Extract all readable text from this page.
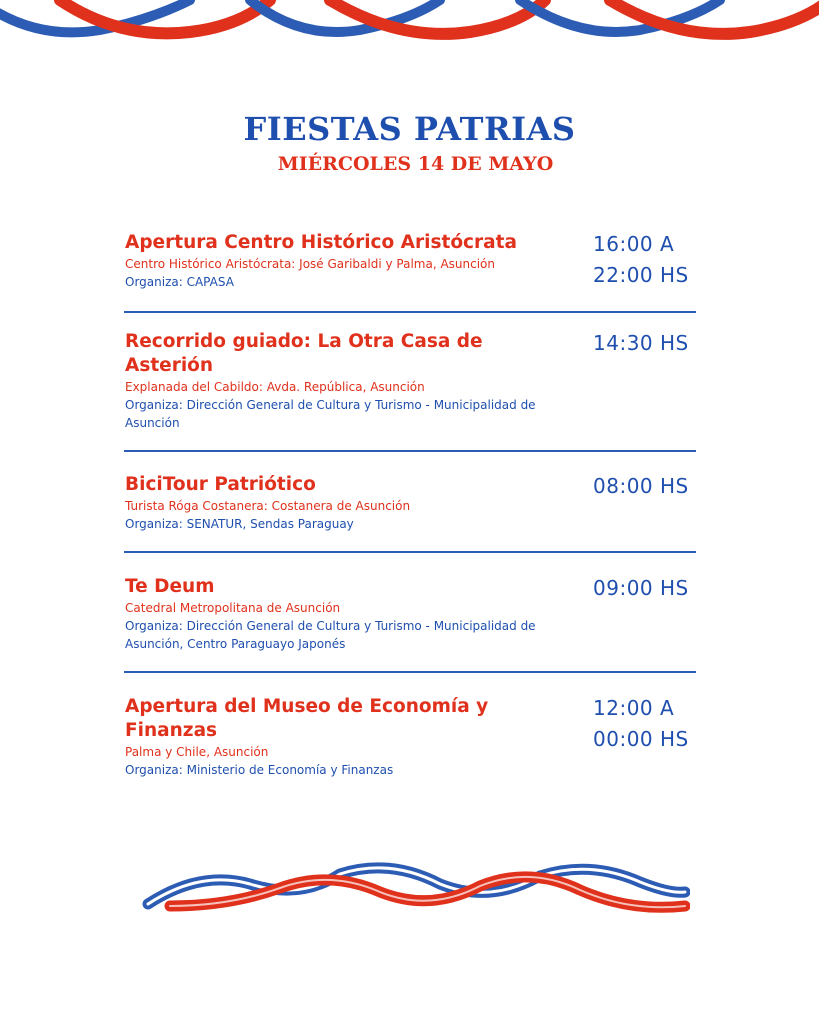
FIESTAS PATRIAS
MIÉRCOLES 14 DE MAYO

Apertura Centro Histórico Aristócrata

Centro Histórico Aristócrata: José Garibaldi y Palma, Asunción

Organiza: CAPASA

16:00 A
22:00 HS

Recorrido guiado: La Otra Casa de Asterión

Explanada del Cabildo: Avda. República, Asunción

Organiza: Dirección General de Cultura y Turismo - Municipalidad de Asunción

14:30 HS

BiciTour Patriótico

Turista Róga Costanera: Costanera de Asunción

Organiza: SENATUR, Sendas Paraguay

08:00 HS

Te Deum

Catedral Metropolitana de Asunción

Organiza: Dirección General de Cultura y Turismo - Municipalidad de Asunción, Centro Paraguayo Japonés

09:00 HS

Apertura del Museo de Economía y Finanzas

Palma y Chile, Asunción

Organiza: Ministerio de Economía y Finanzas

12:00 A
00:00 HS
